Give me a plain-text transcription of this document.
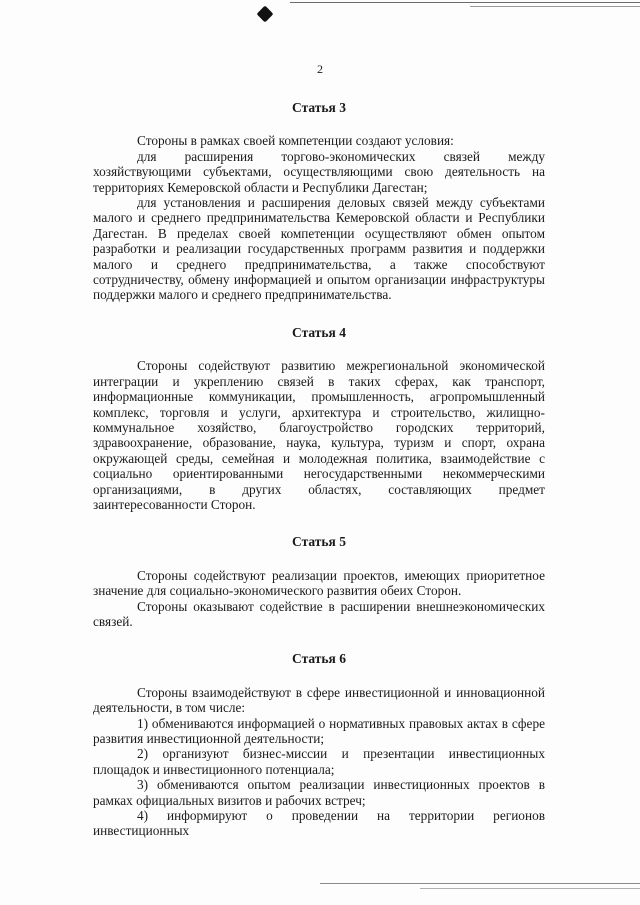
2

Статья 3

Стороны в рамках своей компетенции создают условия:

для расширения торгово-экономических связей между хозяйствующими субъектами, осуществляющими свою деятельность на территориях Кемеровской области и Республики Дагестан;

для установления и расширения деловых связей между субъектами малого и среднего предпринимательства Кемеровской области и Республики Дагестан. В пределах своей компетенции осуществляют обмен опытом разработки и реализации государственных программ развития и поддержки малого и среднего предпринимательства, а также способствуют сотрудничеству, обмену информацией и опытом организации инфраструктуры поддержки малого и среднего предпринимательства.

Статья 4

Стороны содействуют развитию межрегиональной экономической интеграции и укреплению связей в таких сферах, как транспорт, информационные коммуникации, промышленность, агропромышленный комплекс, торговля и услуги, архитектура и строительство, жилищно-коммунальное хозяйство, благоустройство городских территорий, здравоохранение, образование, наука, культура, туризм и спорт, охрана окружающей среды, семейная и молодежная политика, взаимодействие с социально ориентированными негосударственными некоммерческими организациями, в других областях, составляющих предмет заинтересованности Сторон.

Статья 5

Стороны содействуют реализации проектов, имеющих приоритетное значение для социально-экономического развития обеих Сторон.

Стороны оказывают содействие в расширении внешнеэкономических связей.

Статья 6

Стороны взаимодействуют в сфере инвестиционной и инновационной деятельности, в том числе:

1) обмениваются информацией о нормативных правовых актах в сфере развития инвестиционной деятельности;

2) организуют бизнес-миссии и презентации инвестиционных площадок и инвестиционного потенциала;

3) обмениваются опытом реализации инвестиционных проектов в рамках официальных визитов и рабочих встреч;

4) информируют о проведении на территории регионов инвестиционных
